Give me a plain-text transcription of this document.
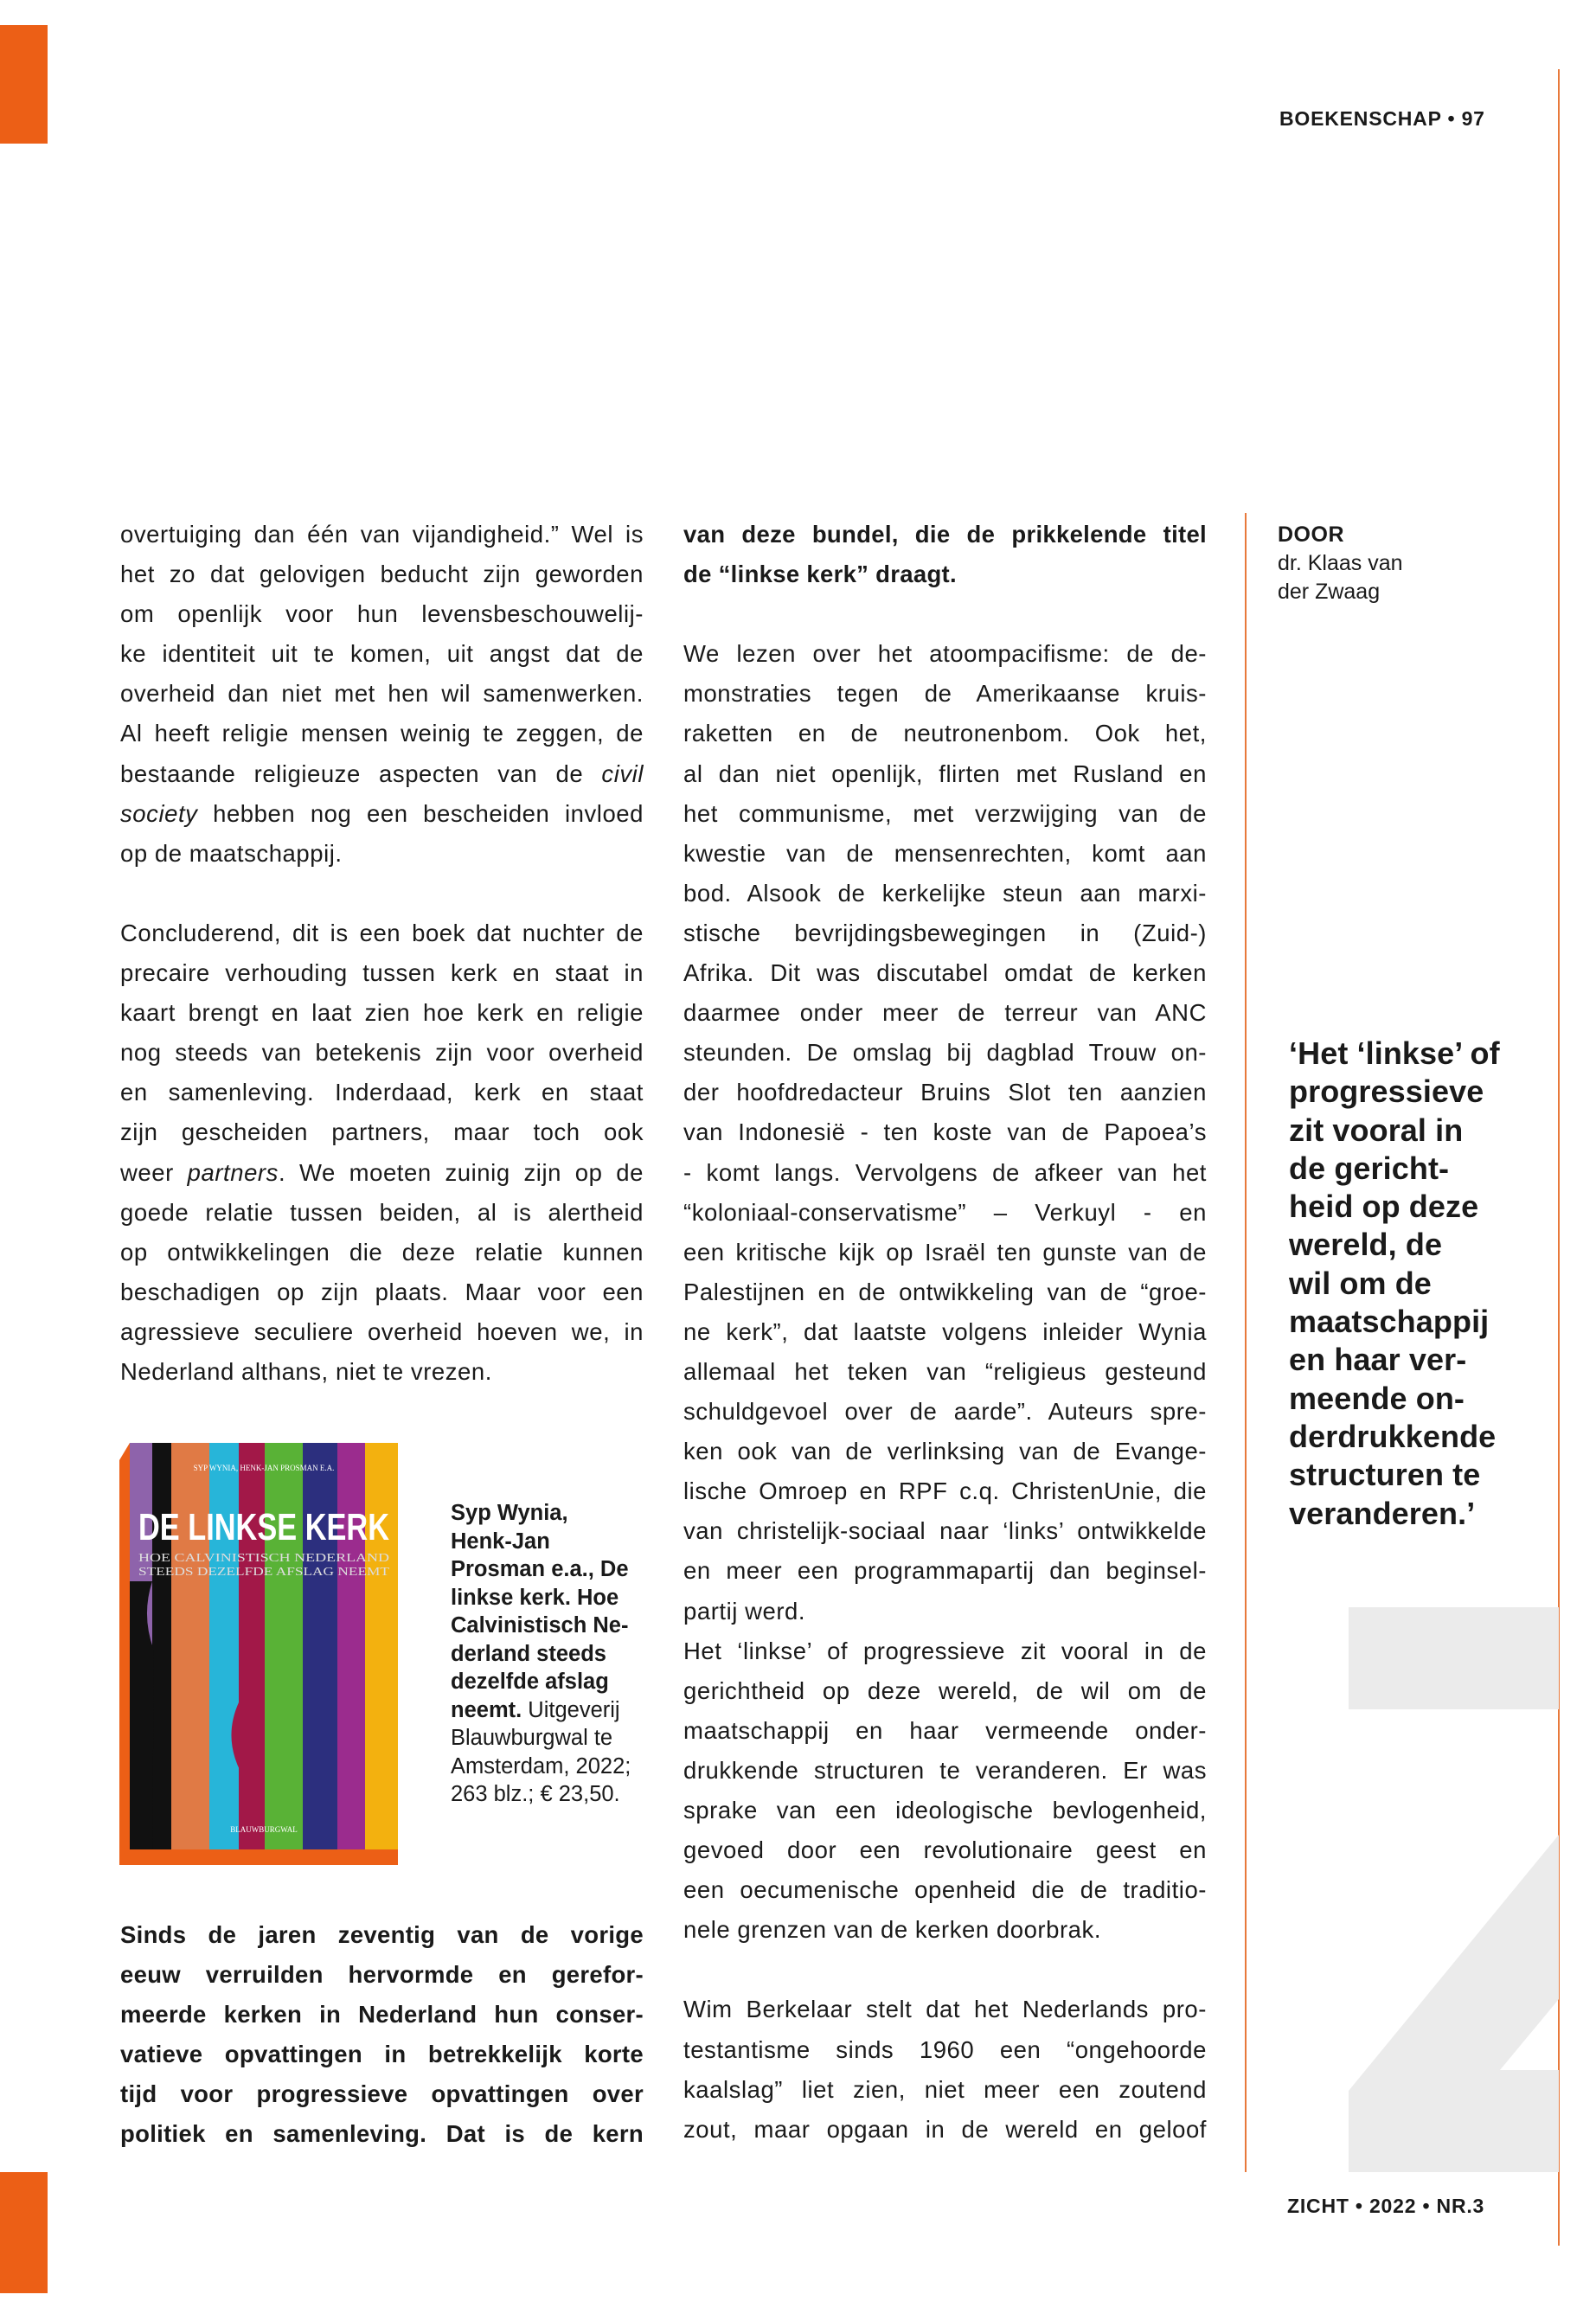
BOEKENSCHAP • 97
DOOR
dr. Klaas van
der Zwaag
‘Het ‘linkse’ of
progressieve
zit vooral in
de gericht-
heid op deze
wereld, de
wil om de
maatschappij
en haar ver-
meende on-
derdrukkende
structuren te
veranderen.’
overtuiging dan één van vijandigheid.” Wel is
het zo dat gelovigen beducht zijn geworden
om openlijk voor hun levensbeschouwelij-
ke identiteit uit te komen, uit angst dat de
overheid dan niet met hen wil samenwerken.
Al heeft religie mensen weinig te zeggen, de
bestaande religieuze aspecten van de civil
society hebben nog een bescheiden invloed
op de maatschappij.
Concluderend, dit is een boek dat nuchter de
precaire verhouding tussen kerk en staat in
kaart brengt en laat zien hoe kerk en religie
nog steeds van betekenis zijn voor overheid
en samenleving. Inderdaad, kerk en staat
zijn gescheiden partners, maar toch ook
weer partners. We moeten zuinig zijn op de
goede relatie tussen beiden, al is alertheid
op ontwikkelingen die deze relatie kunnen
beschadigen op zijn plaats. Maar voor een
agressieve seculiere overheid hoeven we, in
Nederland althans, niet te vrezen.
SYP WYNIA, HENK-JAN PROSMAN E.A.
DE LINKSE KERK
HOE CALVINISTISCH NEDERLAND
STEEDS DEZELFDE AFSLAG NEEMT
BLAUWBURGWAL
Syp Wynia,
Henk-Jan
Prosman e.a., De
linkse kerk. Hoe
Calvinistisch Ne-
derland steeds
dezelfde afslag
neemt. Uitgeverij
Blauwburgwal te
Amsterdam, 2022;
263 blz.; € 23,50.
Sinds de jaren zeventig van de vorige
eeuw verruilden hervormde en gerefor-
meerde kerken in Nederland hun conser-
vatieve opvattingen in betrekkelijk korte
tijd voor progressieve opvattingen over
politiek en samenleving. Dat is de kern
van deze bundel, die de prikkelende titel
de “linkse kerk” draagt.
We lezen over het atoompacifisme: de de-
monstraties tegen de Amerikaanse kruis-
raketten en de neutronenbom. Ook het,
al dan niet openlijk, flirten met Rusland en
het communisme, met verzwijging van de
kwestie van de mensenrechten, komt aan
bod. Alsook de kerkelijke steun aan marxi-
stische bevrijdingsbewegingen in (Zuid-)
Afrika. Dit was discutabel omdat de kerken
daarmee onder meer de terreur van ANC
steunden. De omslag bij dagblad Trouw on-
der hoofdredacteur Bruins Slot ten aanzien
van Indonesië - ten koste van de Papoea’s
- komt langs. Vervolgens de afkeer van het
“koloniaal-conservatisme” – Verkuyl - en
een kritische kijk op Israël ten gunste van de
Palestijnen en de ontwikkeling van de “groe-
ne kerk”, dat laatste volgens inleider Wynia
allemaal het teken van “religieus gesteund
schuldgevoel over de aarde”. Auteurs spre-
ken ook van de verlinksing van de Evange-
lische Omroep en RPF c.q. ChristenUnie, die
van christelijk-sociaal naar ‘links’ ontwikkelde
en meer een programmapartij dan beginsel-
partij werd.
Het ‘linkse’ of progressieve zit vooral in de
gerichtheid op deze wereld, de wil om de
maatschappij en haar vermeende onder-
drukkende structuren te veranderen. Er was
sprake van een ideologische bevlogenheid,
gevoed door een revolutionaire geest en
een oecumenische openheid die de traditio-
nele grenzen van de kerken doorbrak.
Wim Berkelaar stelt dat het Nederlands pro-
testantisme sinds 1960 een “ongehoorde
kaalslag” liet zien, niet meer een zoutend
zout, maar opgaan in de wereld en geloof
ZICHT • 2022 • NR.3
